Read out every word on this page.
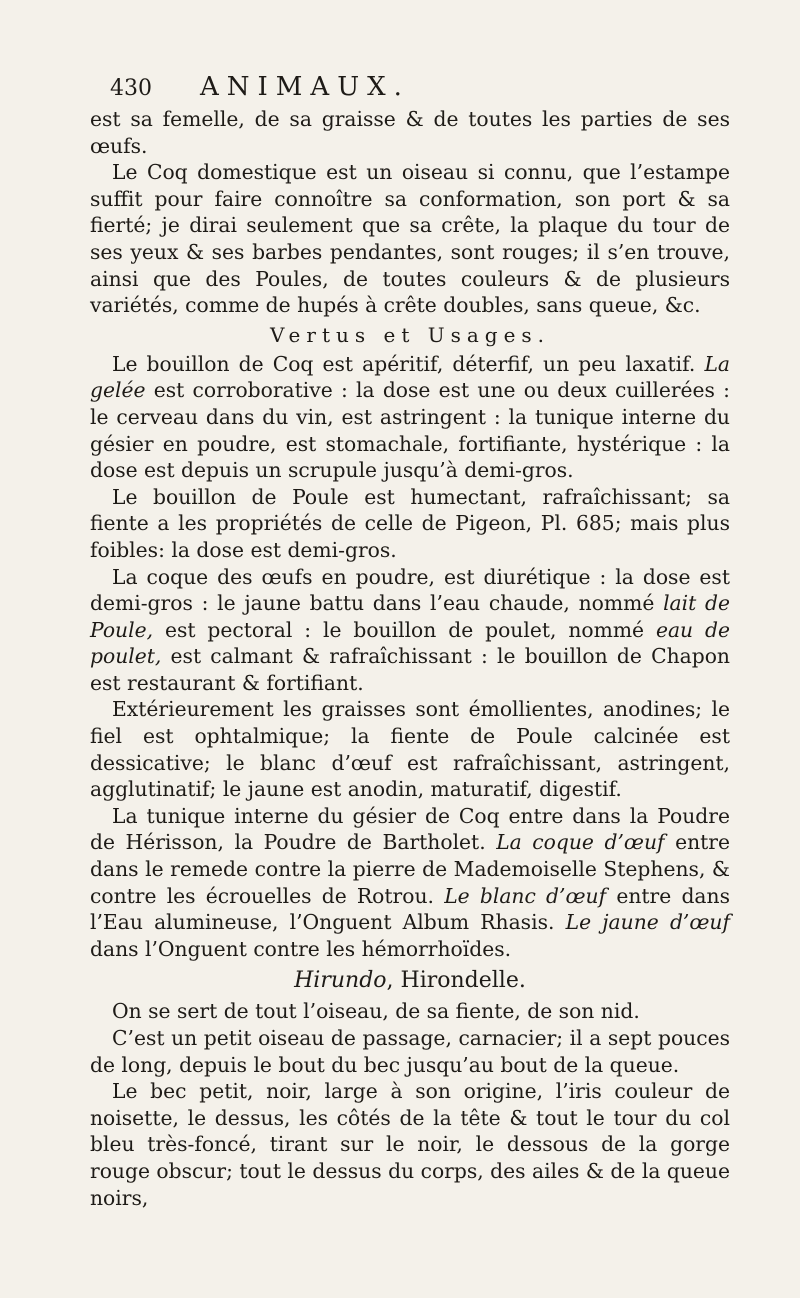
430	ANIMAUX.

est sa femelle, de sa graisse & de toutes les parties de ses œufs.

Le Coq domestique est un oiseau si connu, que l’estampe suffit pour faire connoître sa conformation, son port & sa fierté; je dirai seulement que sa crête, la plaque du tour de ses yeux & ses barbes pendantes, sont rouges; il s’en trouve, ainsi que des Poules, de toutes couleurs & de plusieurs variétés, comme de hupés à crête doubles, sans queue, &c.

Vertus et Usages.

Le bouillon de Coq est apéritif, déterfif, un peu laxatif. La gelée est corroborative : la dose est une ou deux cuillerées : le cerveau dans du vin, est astringent : la tunique interne du gésier en poudre, est stomachale, fortifiante, hystérique : la dose est depuis un scrupule jusqu’à demi-gros.

Le bouillon de Poule est humectant, rafraîchissant; sa fiente a les propriétés de celle de Pigeon, Pl. 685; mais plus foibles: la dose est demi-gros.

La coque des œufs en poudre, est diurétique : la dose est demi-gros : le jaune battu dans l’eau chaude, nommé lait de Poule, est pectoral : le bouillon de poulet, nommé eau de poulet, est calmant & rafraîchissant : le bouillon de Chapon est restaurant & fortifiant.

Extérieurement les graisses sont émollientes, anodines; le fiel est ophtalmique; la fiente de Poule calcinée est dessicative; le blanc d’œuf est rafraîchissant, astringent, agglutinatif; le jaune est anodin, maturatif, digestif.

La tunique interne du gésier de Coq entre dans la Poudre de Hérisson, la Poudre de Bartholet. La coque d’œuf entre dans le remede contre la pierre de Mademoiselle Stephens, & contre les écrouelles de Rotrou. Le blanc d’œuf entre dans l’Eau alumineuse, l’Onguent Album Rhasis. Le jaune d’œuf dans l’Onguent contre les hémorrhoïdes.

Hirundo, Hirondelle.

On se sert de tout l’oiseau, de sa fiente, de son nid.

C’est un petit oiseau de passage, carnacier; il a sept pouces de long, depuis le bout du bec jusqu’au bout de la queue.

Le bec petit, noir, large à son origine, l’iris couleur de noisette, le dessus, les côtés de la tête & tout le tour du col bleu très-foncé, tirant sur le noir, le dessous de la gorge rouge obscur; tout le dessus du corps, des ailes & de la queue noirs,
